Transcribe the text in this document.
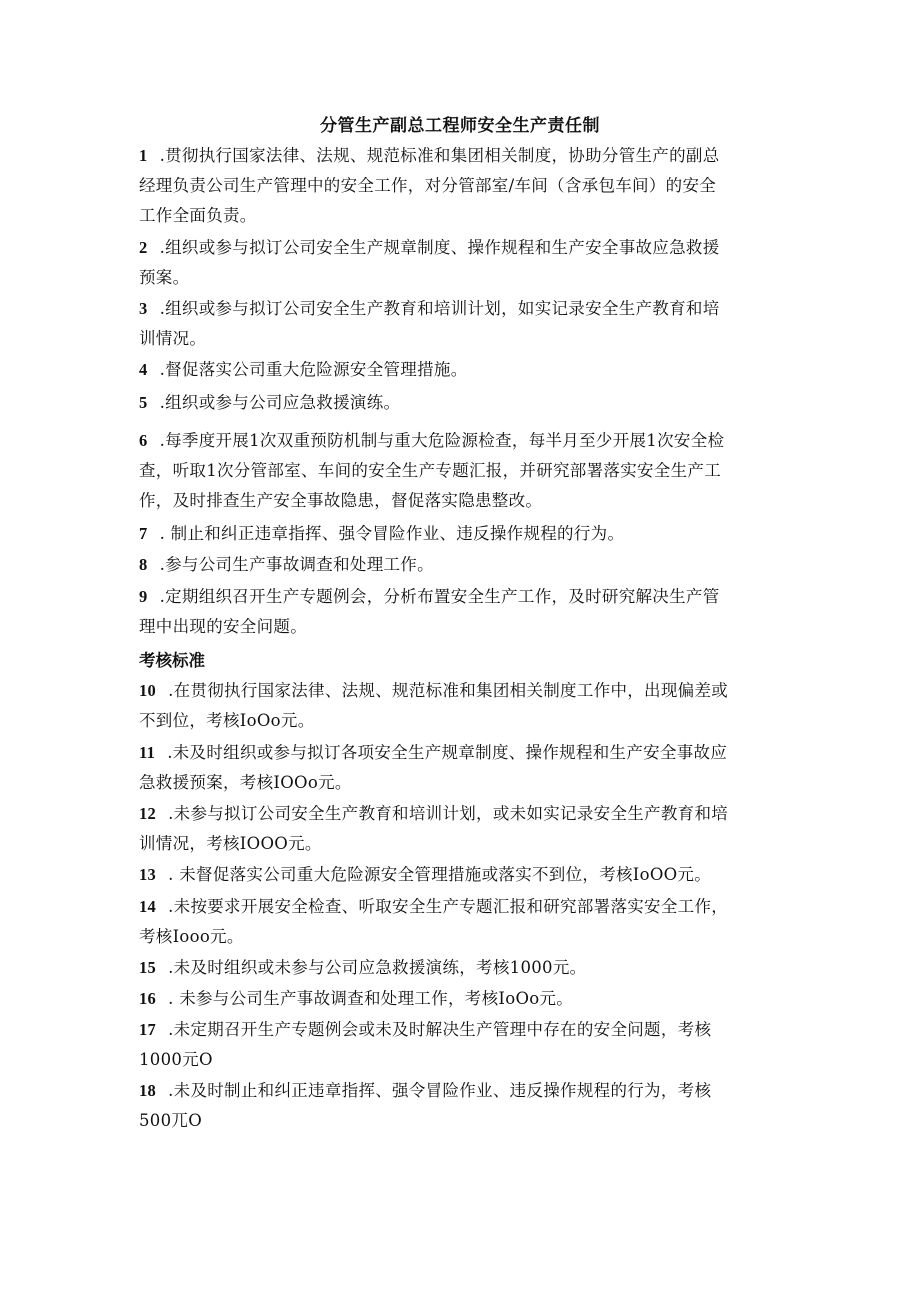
分管生产副总工程师安全生产责任制
1 .贯彻执行国家法律、法规、规范标准和集团相关制度，协助分管生产的副总
经理负责公司生产管理中的安全工作，对分管部室/车间（含承包车间）的安全
工作全面负责。
2 .组织或参与拟订公司安全生产规章制度、操作规程和生产安全事故应急救援
预案。
3 .组织或参与拟订公司安全生产教育和培训计划，如实记录安全生产教育和培
训情况。
4 .督促落实公司重大危险源安全管理措施。
5 .组织或参与公司应急救援演练。
6 .每季度开展1次双重预防机制与重大危险源检查，每半月至少开展1次安全检
查，听取1次分管部室、车间的安全生产专题汇报，并研究部署落实安全生产工
作，及时排查生产安全事故隐患，督促落实隐患整改。
7 . 制止和纠正违章指挥、强令冒险作业、违反操作规程的行为。
8 .参与公司生产事故调查和处理工作。
9 .定期组织召开生产专题例会，分析布置安全生产工作，及时研究解决生产管
理中出现的安全问题。
考核标准
10 .在贯彻执行国家法律、法规、规范标准和集团相关制度工作中，出现偏差或
不到位，考核IoOo元。
11 .未及时组织或参与拟订各项安全生产规章制度、操作规程和生产安全事故应
急救援预案，考核IOOo元。
12 .未参与拟订公司安全生产教育和培训计划，或未如实记录安全生产教育和培
训情况，考核IOOO元。
13 . 未督促落实公司重大危险源安全管理措施或落实不到位，考核IoOO元。
14 .未按要求开展安全检查、听取安全生产专题汇报和研究部署落实安全工作，
考核Iooo元。
15 .未及时组织或未参与公司应急救援演练，考核1000元。
16 . 未参与公司生产事故调查和处理工作，考核IoOo元。
17 .未定期召开生产专题例会或未及时解决生产管理中存在的安全问题，考核
1000元O
18 .未及时制止和纠正违章指挥、强令冒险作业、违反操作规程的行为，考核
500兀O
